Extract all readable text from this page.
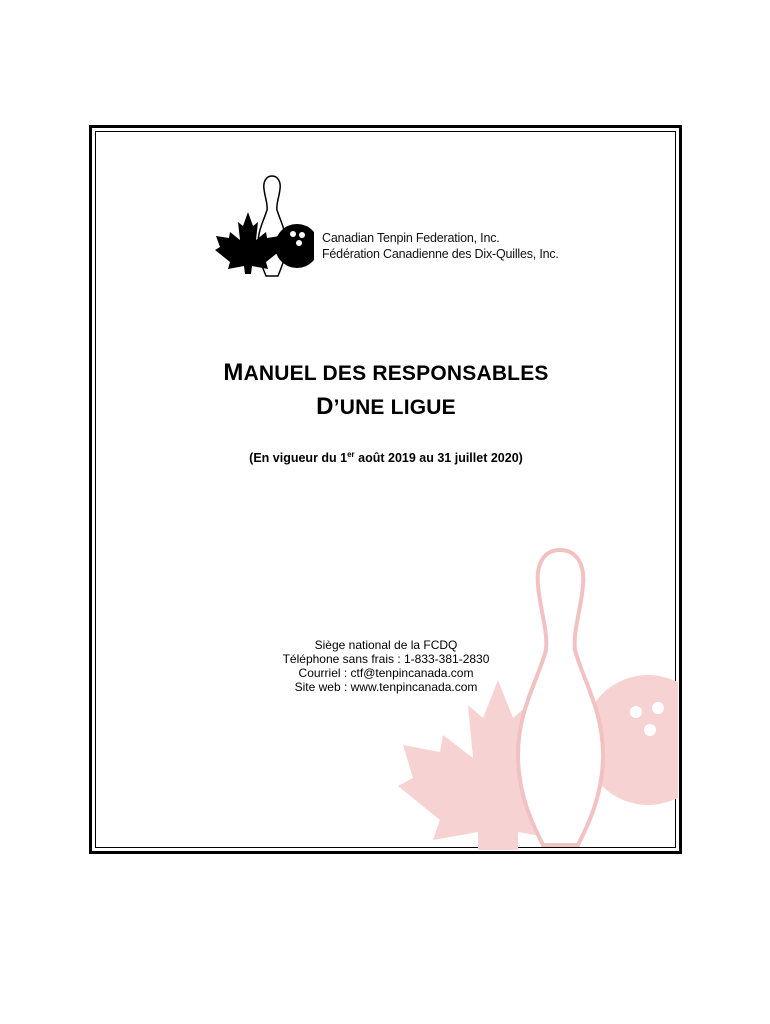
Canadian Tenpin Federation, Inc.
Fédération Canadienne des Dix-Quilles, Inc.
MANUEL DES RESPONSABLES
D’UNE LIGUE
(En vigueur du 1er août 2019 au 31 juillet 2020)
Siège national de la FCDQ
Téléphone sans frais : 1-833-381-2830
Courriel : ctf@tenpincanada.com
Site web : www.tenpincanada.com
